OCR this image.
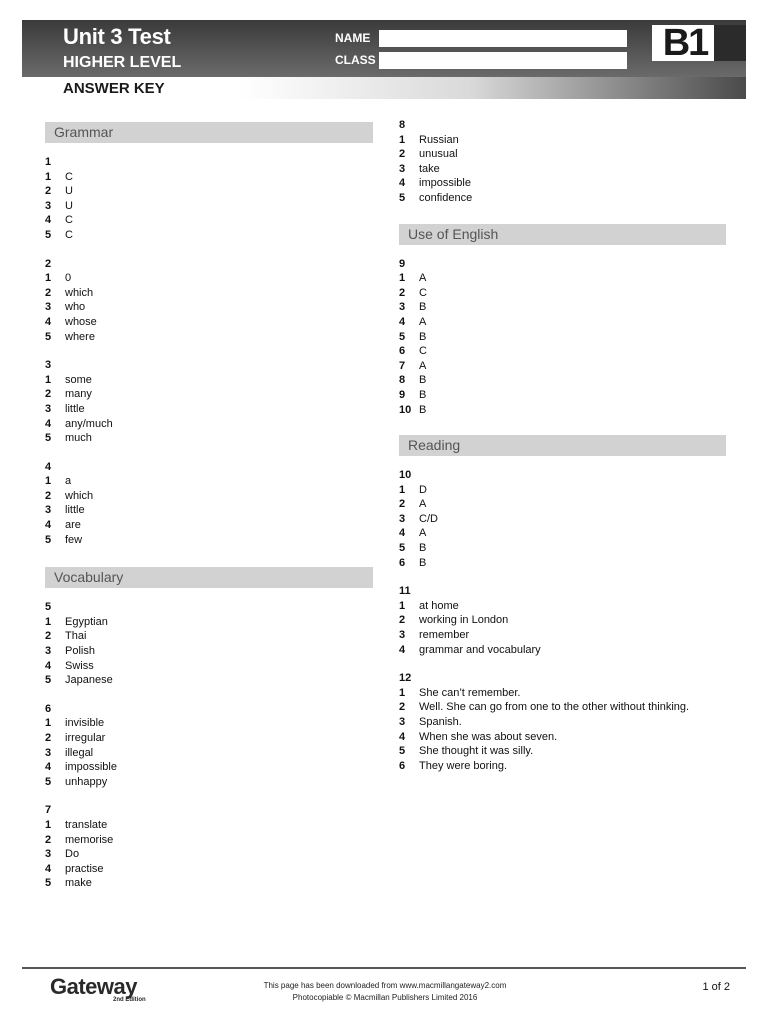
Unit 3 Test
HIGHER LEVEL
ANSWER KEY
NAME
CLASS	B1
Grammar
1
1	C
2	U
3	U
4	C
5	C
2
1	0
2	which
3	who
4	whose
5	where
3
1	some
2	many
3	little
4	any/much
5	much
4
1	a
2	which
3	little
4	are
5	few
Vocabulary
5
1	Egyptian
2	Thai
3	Polish
4	Swiss
5	Japanese
6
1	invisible
2	irregular
3	illegal
4	impossible
5	unhappy
7
1	translate
2	memorise
3	Do
4	practise
5	make
8
1	Russian
2	unusual
3	take
4	impossible
5	confidence
Use of English
9
1	A
2	C
3	B
4	A
5	B
6	C
7	A
8	B
9	B
10 B
Reading
10
1	D
2	A
3	C/D
4	A
5	B
6	B
11
1	at home
2	working in London
3	remember
4	grammar and vocabulary
12
1	She can’t remember.
2	Well. She can go from one to the other without thinking.
3	Spanish.
4	When she was about seven.
5	She thought it was silly.
6	They were boring.
Gateway
2nd Edition
This page has been downloaded from www.macmillangateway2.com
Photocopiable © Macmillan Publishers Limited 2016
1 of 2
